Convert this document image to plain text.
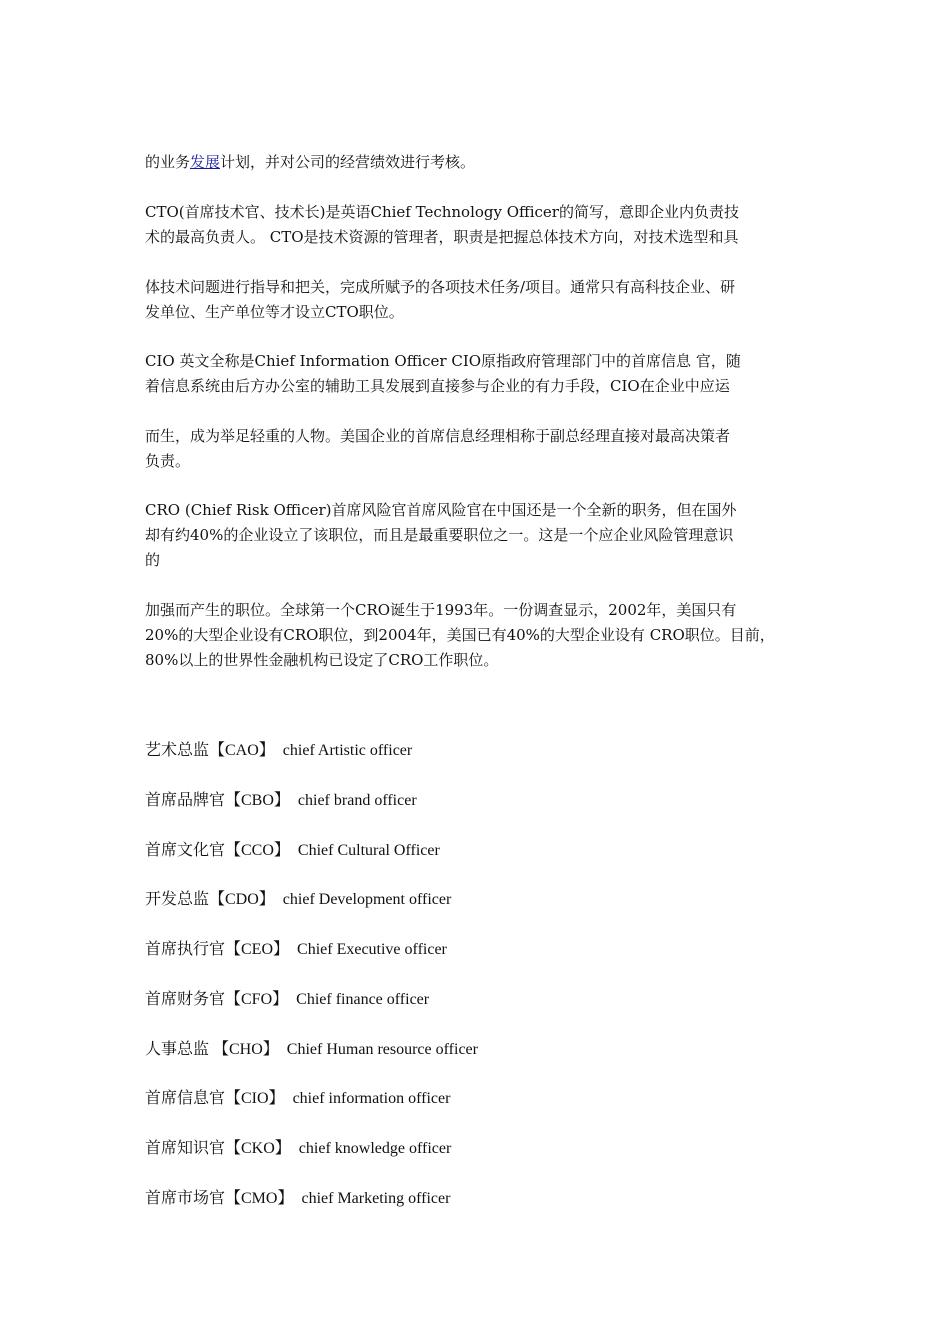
的业务发展计划，并对公司的经营绩效进行考核。

CTO(首席技术官、技术长)是英语Chief Technology Officer的简写，意即企业内负责技
术的最高负责人。 CTO是技术资源的管理者，职责是把握总体技术方向，对技术选型和具

体技术问题进行指导和把关，完成所赋予的各项技术任务/项目。通常只有高科技企业、研
发单位、生产单位等才设立CTO职位。

CIO 英文全称是Chief Information Officer CIO原指政府管理部门中的首席信息 官，随
着信息系统由后方办公室的辅助工具发展到直接参与企业的有力手段，CIO在企业中应运

而生，成为举足轻重的人物。美国企业的首席信息经理相称于副总经理直接对最高决策者
负责。

CRO (Chief Risk Officer)首席风险官首席风险官在中国还是一个全新的职务，但在国外
却有约40%的企业设立了该职位，而且是最重要职位之一。这是一个应企业风险管理意识
的

加强而产生的职位。全球第一个CRO诞生于1993年。一份调查显示，2002年，美国只有
20%的大型企业设有CRO职位，到2004年，美国已有40%的大型企业设有 CRO职位。目前，
80%以上的世界性金融机构已设定了CRO工作职位。

艺术总监【CAO】 chief Artistic officer
首席品牌官【CBO】 chief brand officer
首席文化官【CCO】 Chief Cultural Officer
开发总监【CDO】 chief Development officer
首席执行官【CEO】 Chief Executive officer
首席财务官【CFO】 Chief finance officer
人事总监 【CHO】 Chief Human resource officer
首席信息官【CIO】 chief information officer
首席知识官【CKO】 chief knowledge officer
首席市场官【CMO】 chief Marketing officer
